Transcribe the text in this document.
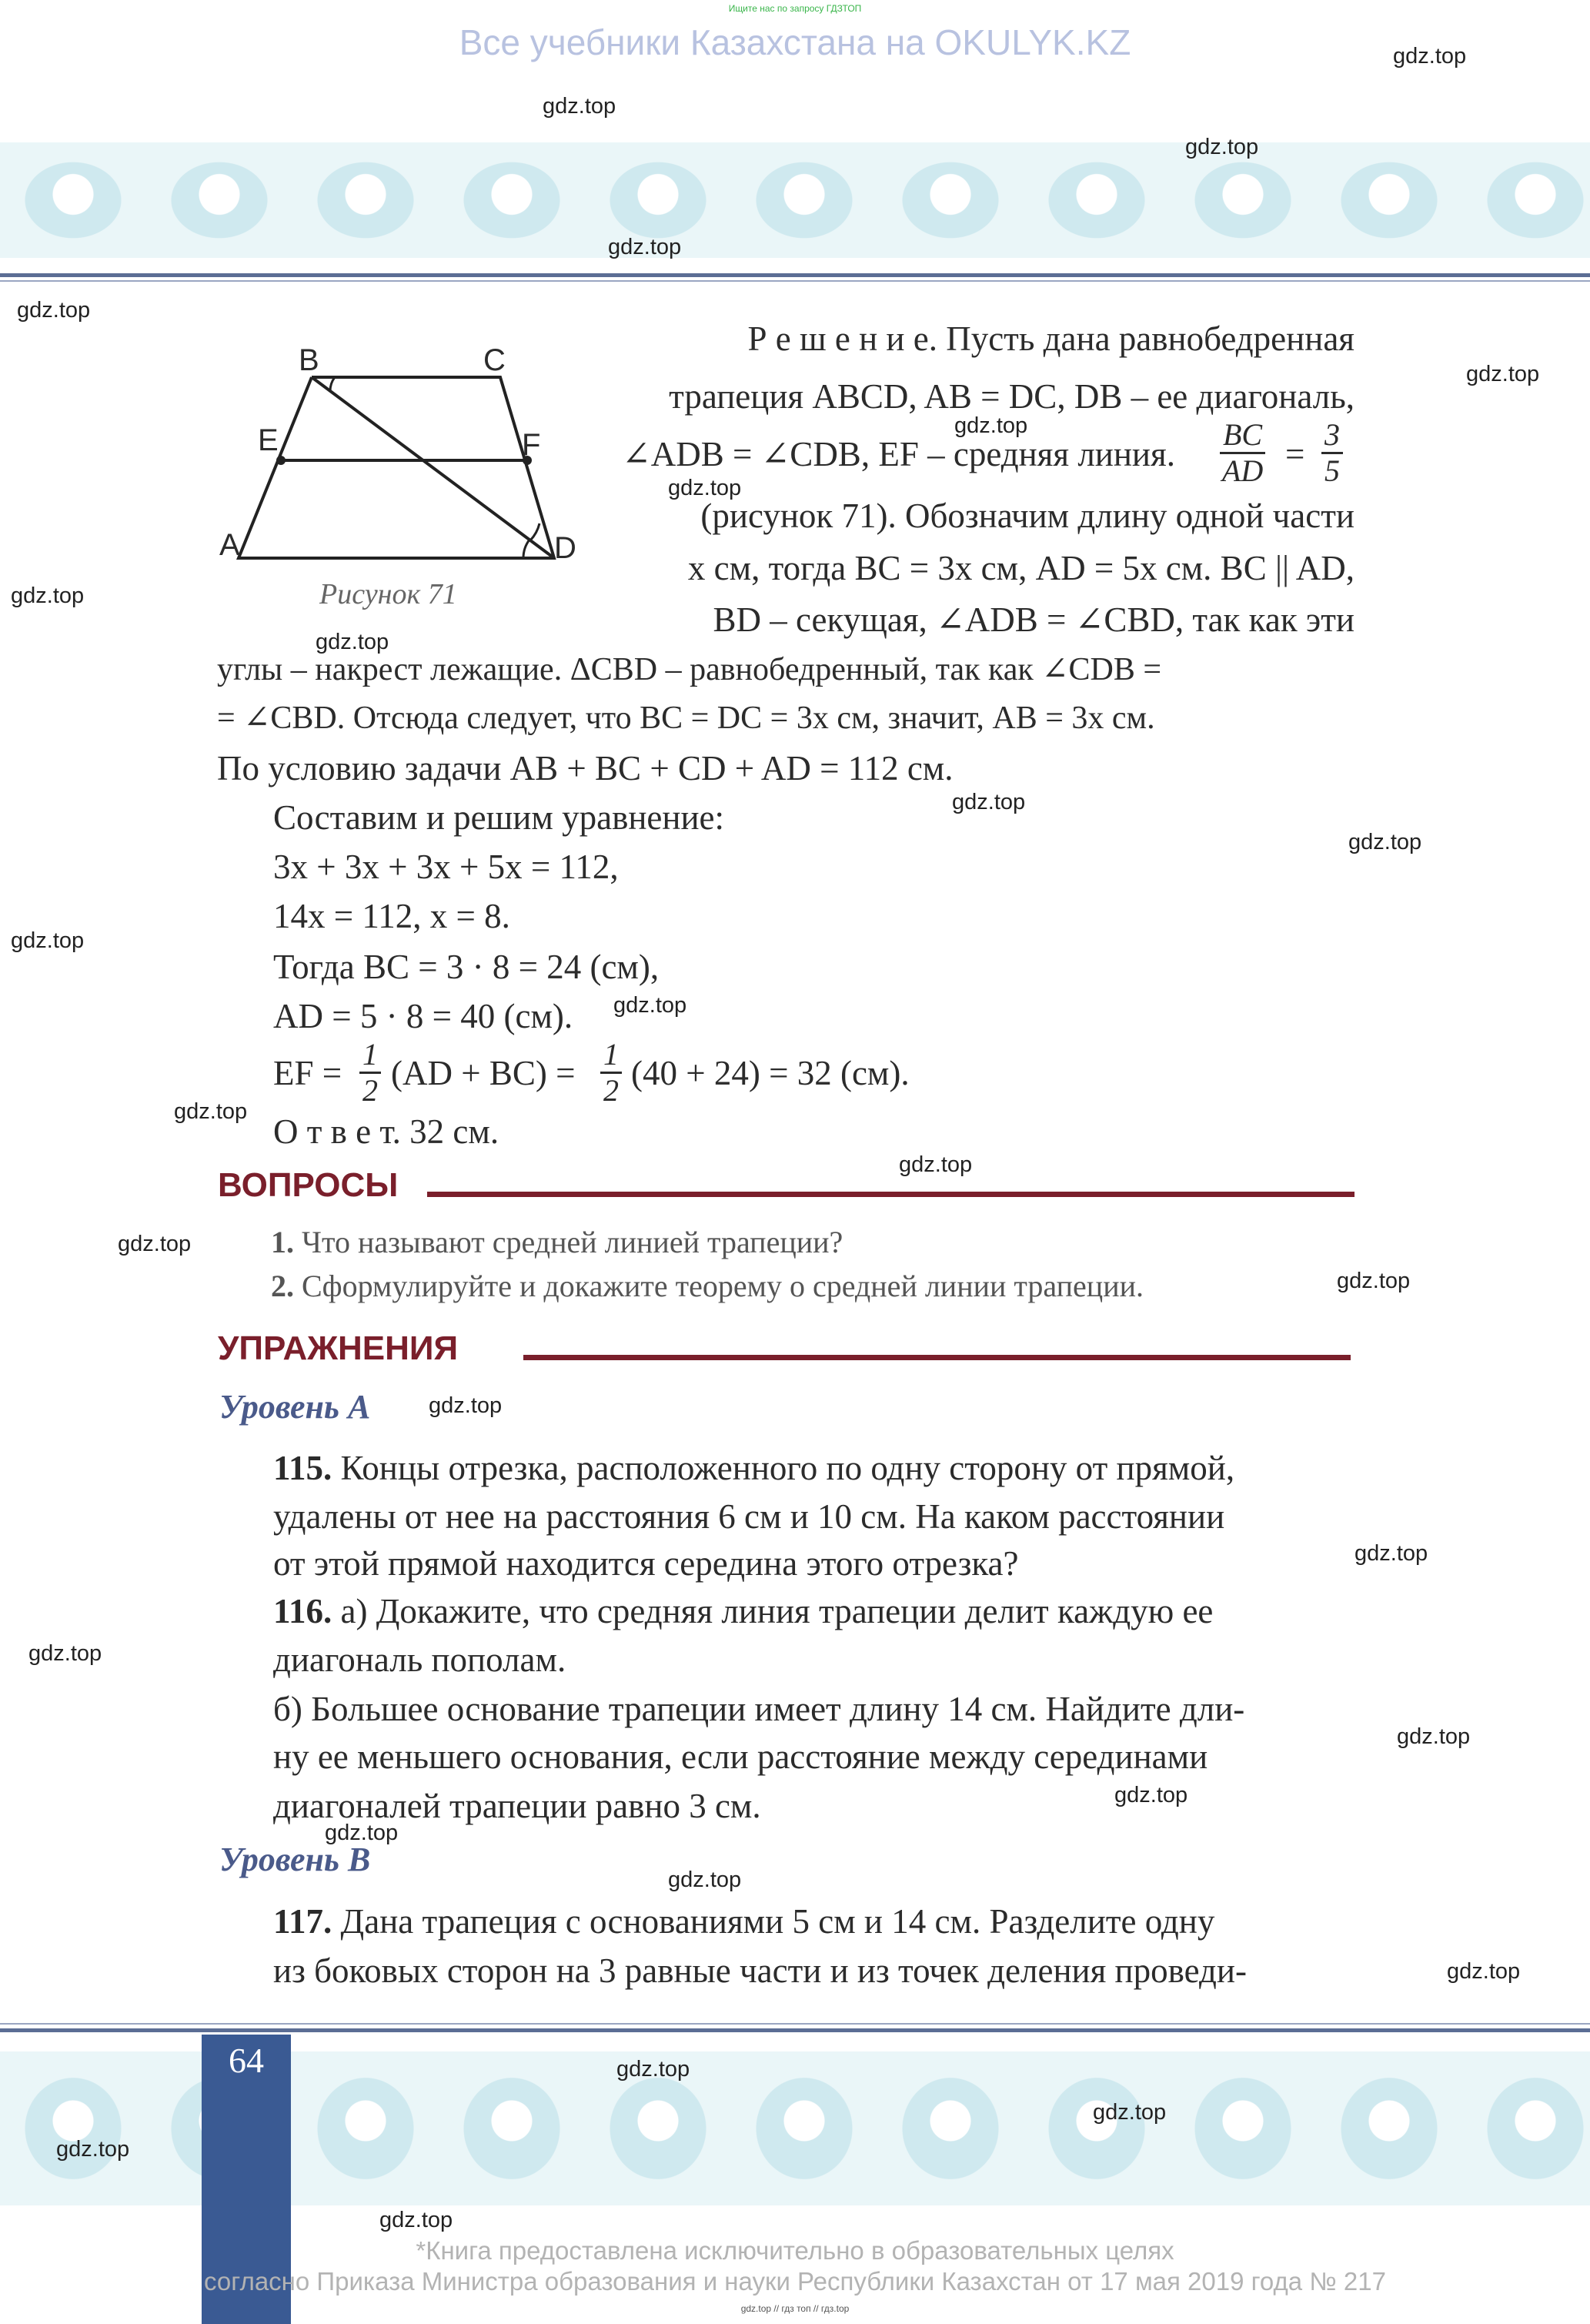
Ищите нас по запросу ГДЗТОП
Все учебники Казахстана на OKULYK.KZ
B	C
E	F
A	D
Рисунок 71
Р е ш е н и е. Пусть дана равнобедренная
трапеция ABCD, AB = DC, DB – ее диагональ,
∠ADB = ∠CDB, EF – средняя линия. $\frac{BC}{AD} = \frac{3}{5}$
(рисунок 71). Обозначим длину одной части
x см, тогда BC = 3x см, AD = 5x см. BC || AD,
BD – секущая, ∠ADB = ∠CBD, так как эти
углы – накрест лежащие. ΔCBD – равнобедренный, так как ∠CDB =
= ∠CBD. Отсюда следует, что BC = DC = 3x см, значит, AB = 3x см.
По условию задачи AB + BC + CD + AD = 112 см.
Составим и решим уравнение:
3x + 3x + 3x + 5x = 112,
14x = 112, x = 8.
Тогда BC = 3 · 8 = 24 (см),
AD = 5 · 8 = 40 (см).
EF = $\frac{1}{2} (AD + BC) = \frac{1}{2} (40 + 24) = 32$ (см).
О т в е т. 32 см.
ВОПРОСЫ
1. Что называют средней линией трапеции?
2. Сформулируйте и докажите теорему о средней линии трапеции.
УПРАЖНЕНИЯ
Уровень А
115. Концы отрезка, расположенного по одну сторону от прямой,
удалены от нее на расстояния 6 см и 10 см. На каком расстоянии
от этой прямой находится середина этого отрезка?
116. а) Докажите, что средняя линия трапеции делит каждую ее
диагональ пополам.
б) Большее основание трапеции имеет длину 14 см. Найдите дли-
ну ее меньшего основания, если расстояние между серединами
диагоналей трапеции равно 3 см.
Уровень В
117. Дана трапеция с основаниями 5 см и 14 см. Разделите одну
из боковых сторон на 3 равные части и из точек деления проведи-
64
*Книга предоставлена исключительно в образовательных целях
согласно Приказа Министра образования и науки Республики Казахстан от 17 мая 2019 года № 217
gdz.top // гдз топ // гдз.top
gdz.top
gdz.top
gdz.top
gdz.top
gdz.top
gdz.top
gdz.top
gdz.top
gdz.top
gdz.top
gdz.top
gdz.top
gdz.top
gdz.top
gdz.top
gdz.top
gdz.top
gdz.top
gdz.top
gdz.top
gdz.top
gdz.top
gdz.top
gdz.top
gdz.top
gdz.top
gdz.top
gdz.top
gdz.top
gdz.top
